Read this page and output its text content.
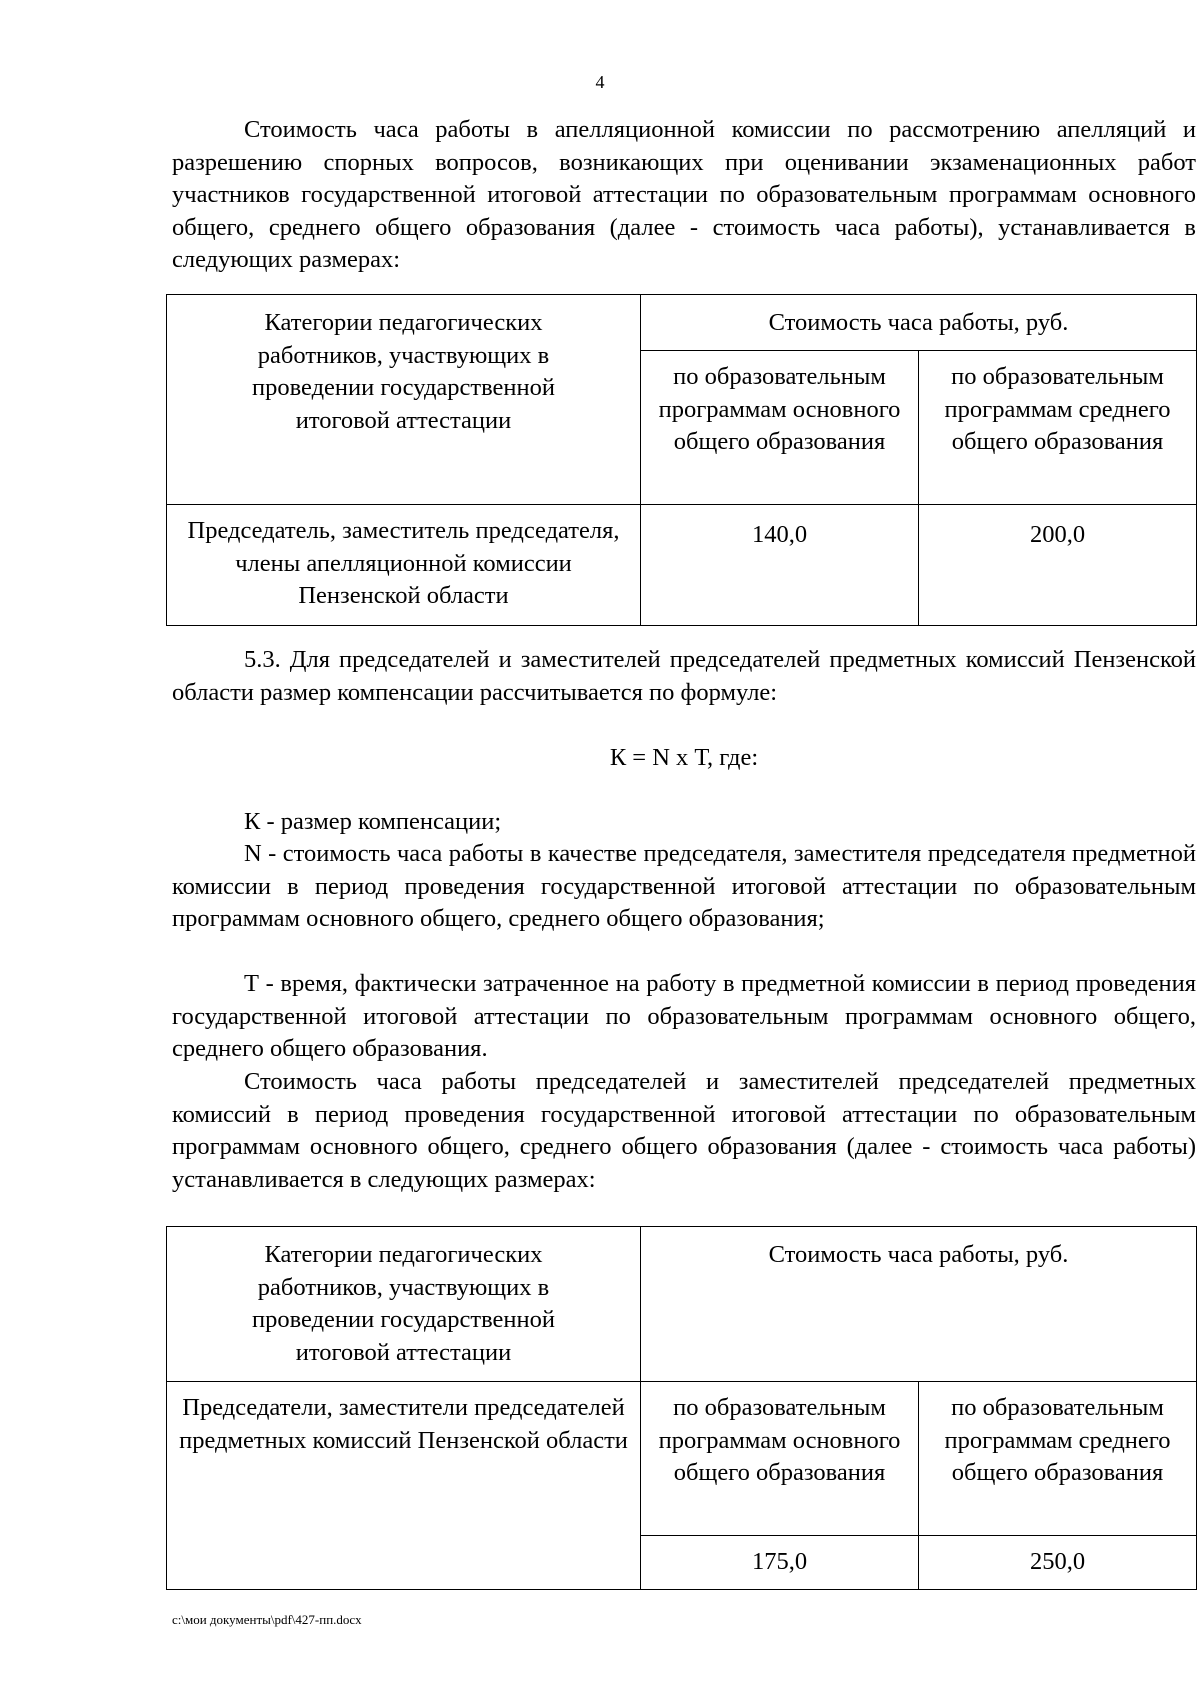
4

Стоимость часа работы в апелляционной комиссии по рассмотрению апелляций и разрешению спорных вопросов, возникающих при оценивании экзаменационных работ участников государственной итоговой аттестации по образовательным программам основного общего, среднего общего образования (далее - стоимость часа работы), устанавливается в следующих размерах:

Категории педагогических работников, участвующих в проведении государственной итоговой аттестации	Стоимость часа работы, руб.	
	по образовательным программам основного общего образования	по образовательным программам среднего общего образования
Председатель, заместитель председателя, члены апелляционной комиссии Пензенской области	140,0	200,0

5.3. Для председателей и заместителей председателей предметных комиссий Пензенской области размер компенсации рассчитывается по формуле:

К = N х Т, где:

К - размер компенсации;

N - стоимость часа работы в качестве председателя, заместителя председателя предметной комиссии в период проведения государственной итоговой аттестации по образовательным программам основного общего, среднего общего образования;

Т - время, фактически затраченное на работу в предметной комиссии в период проведения государственной итоговой аттестации по образовательным программам основного общего, среднего общего образования.

Стоимость часа работы председателей и заместителей председателей предметных комиссий в период проведения государственной итоговой аттестации по образовательным программам основного общего, среднего общего образования (далее - стоимость часа работы) устанавливается в следующих размерах:

Категории педагогических работников, участвующих в проведении государственной итоговой аттестации	Стоимость часа работы, руб.	
Председатели, заместители председателей предметных комиссий Пензенской области	по образовательным программам основного общего образования	по образовательным программам среднего общего образования
	175,0	250,0
c:\мои документы\pdf\427-пп.docx
